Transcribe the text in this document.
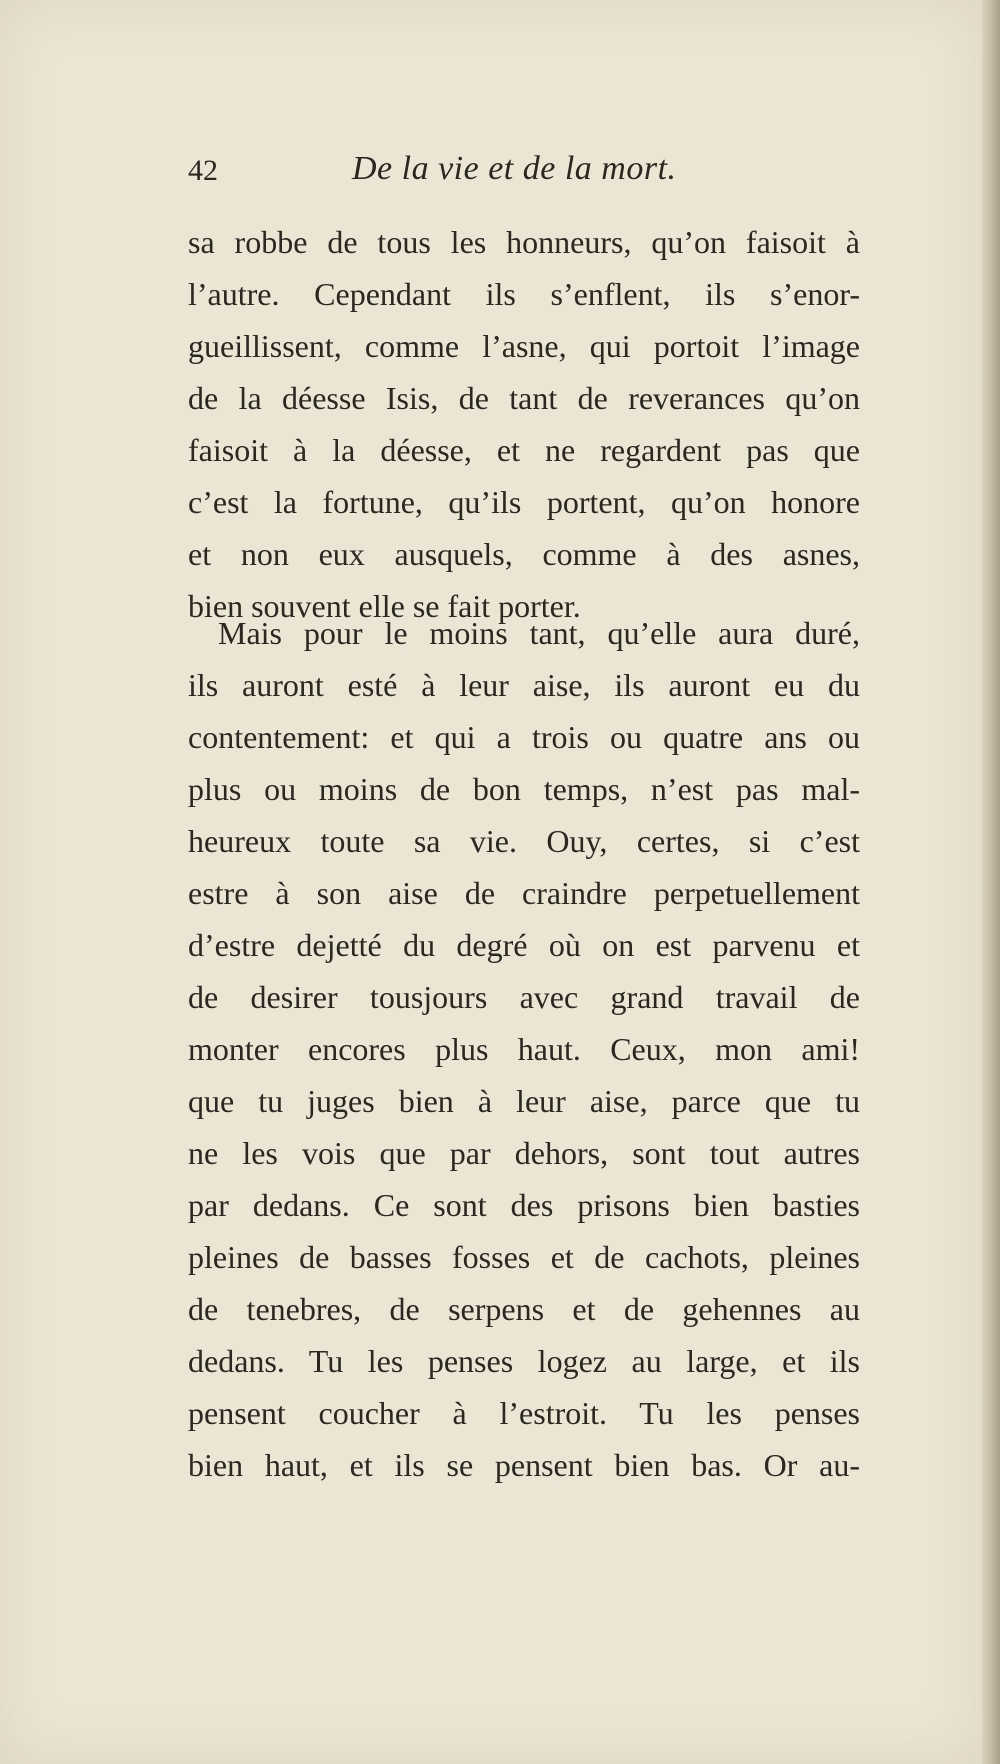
42	De la vie et de la mort.
sa robbe de tous les honneurs, qu’on faisoit à
l’autre. Cependant ils s’enflent, ils s’enor-
gueillissent, comme l’asne, qui portoit l’image
de la déesse Isis, de tant de reverances qu’on
faisoit à la déesse, et ne regardent pas que
c’est la fortune, qu’ils portent, qu’on honore
et non eux ausquels, comme à des asnes,
bien souvent elle se fait porter.
Mais pour le moins tant, qu’elle aura duré,
ils auront esté à leur aise, ils auront eu du
contentement: et qui a trois ou quatre ans ou
plus ou moins de bon temps, n’est pas mal-
heureux toute sa vie. Ouy, certes, si c’est
estre à son aise de craindre perpetuellement
d’estre dejetté du degré où on est parvenu et
de desirer tousjours avec grand travail de
monter encores plus haut. Ceux, mon ami!
que tu juges bien à leur aise, parce que tu
ne les vois que par dehors, sont tout autres
par dedans. Ce sont des prisons bien basties
pleines de basses fosses et de cachots, pleines
de tenebres, de serpens et de gehennes au
dedans. Tu les penses logez au large, et ils
pensent coucher à l’estroit. Tu les penses
bien haut, et ils se pensent bien bas. Or au-
